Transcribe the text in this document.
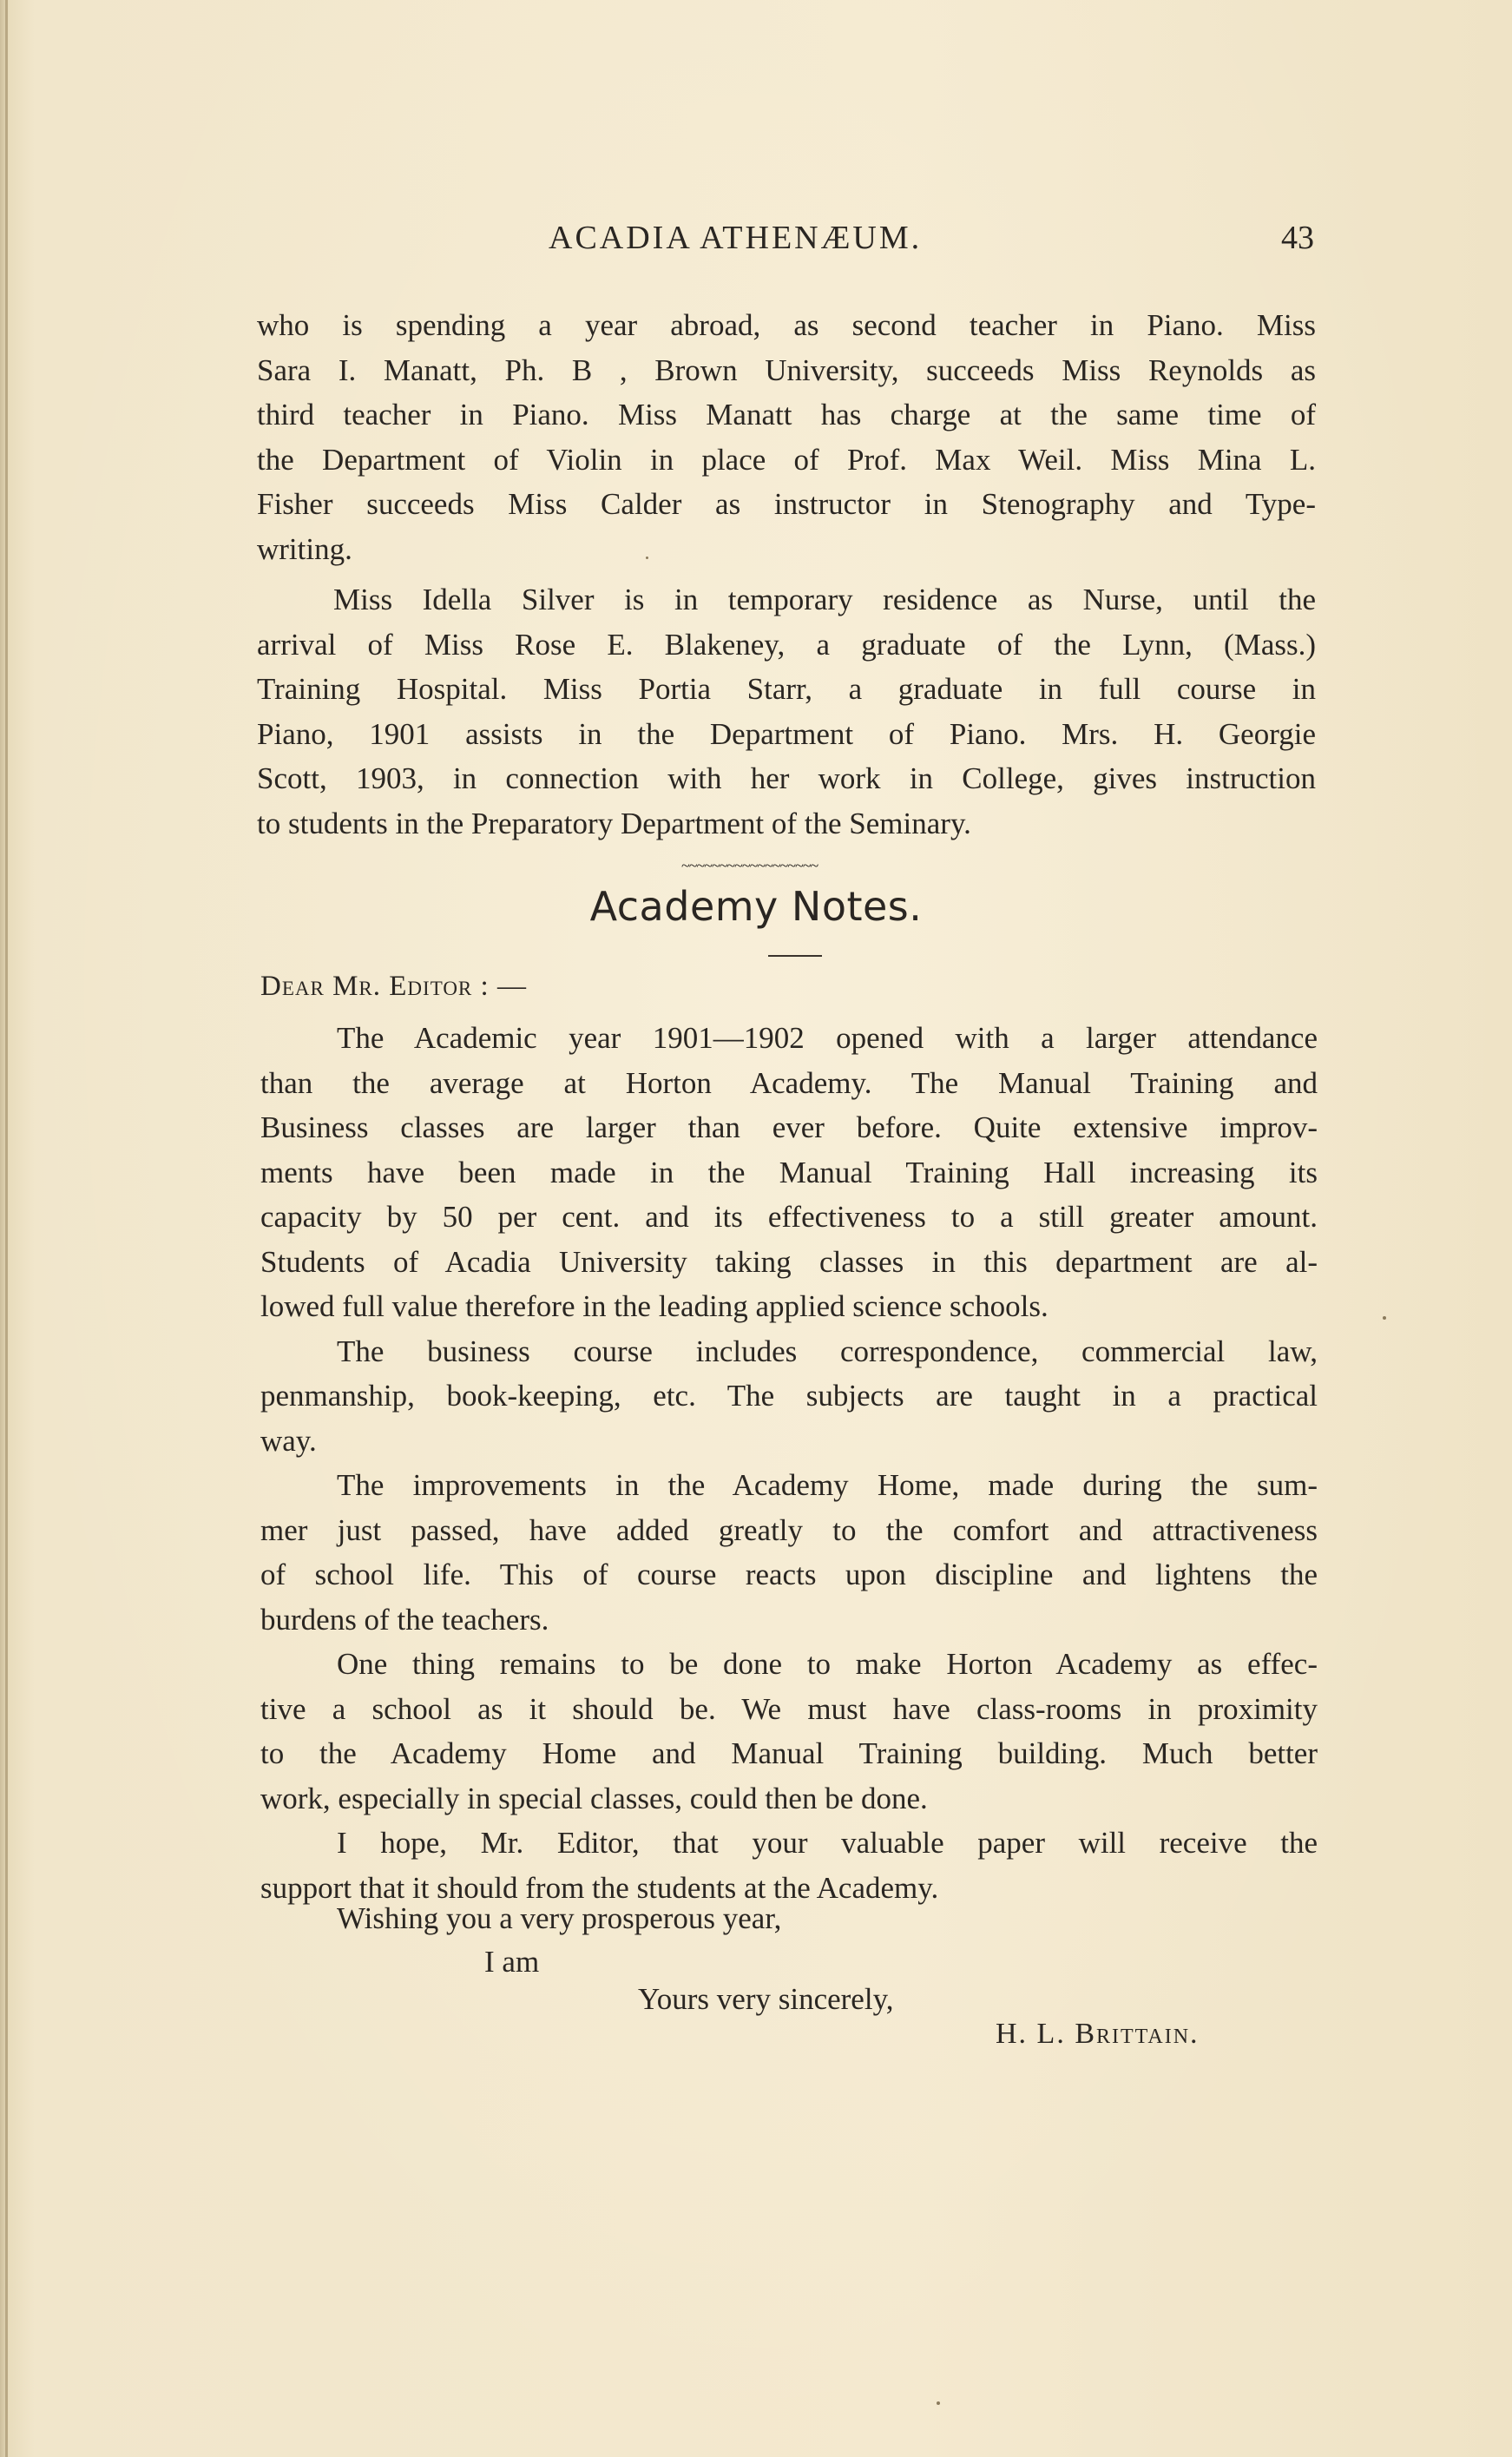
ACADIA ATHENÆUM.	43

who is spending a year abroad, as second teacher in Piano. Miss
Sara I. Manatt, Ph. B , Brown University, succeeds Miss Reynolds as
third teacher in Piano. Miss Manatt has charge at the same time of
the Department of Violin in place of Prof. Max Weil. Miss Mina L.
Fisher succeeds Miss Calder as instructor in Stenography and Type-
writing.

Miss Idella Silver is in temporary residence as Nurse, until the
arrival of Miss Rose E. Blakeney, a graduate of the Lynn, (Mass.)
Training Hospital. Miss Portia Starr, a graduate in full course in
Piano, 1901 assists in the Department of Piano. Mrs. H. Georgie
Scott, 1903, in connection with her work in College, gives instruction
to students in the Preparatory Department of the Seminary.

~~~~~~~~~~~~~~~~~~
Academy Notes.
Dear Mr. Editor : —

The Academic year 1901—1902 opened with a larger attendance
than the average at Horton Academy. The Manual Training and
Business classes are larger than ever before. Quite extensive improv-
ments have been made in the Manual Training Hall increasing its
capacity by 50 per cent. and its effectiveness to a still greater amount.
Students of Acadia University taking classes in this department are al-
lowed full value therefore in the leading applied science schools.

The business course includes correspondence, commercial law,
penmanship, book-keeping, etc. The subjects are taught in a practical
way.

The improvements in the Academy Home, made during the sum-
mer just passed, have added greatly to the comfort and attractiveness
of school life. This of course reacts upon discipline and lightens the
burdens of the teachers.

One thing remains to be done to make Horton Academy as effec-
tive a school as it should be. We must have class-rooms in proximity
to the Academy Home and Manual Training building. Much better
work, especially in special classes, could then be done.

I hope, Mr. Editor, that your valuable paper will receive the
support that it should from the students at the Academy.

Wishing you a very prosperous year,
I am
Yours very sincerely,
H. L. Brittain.
